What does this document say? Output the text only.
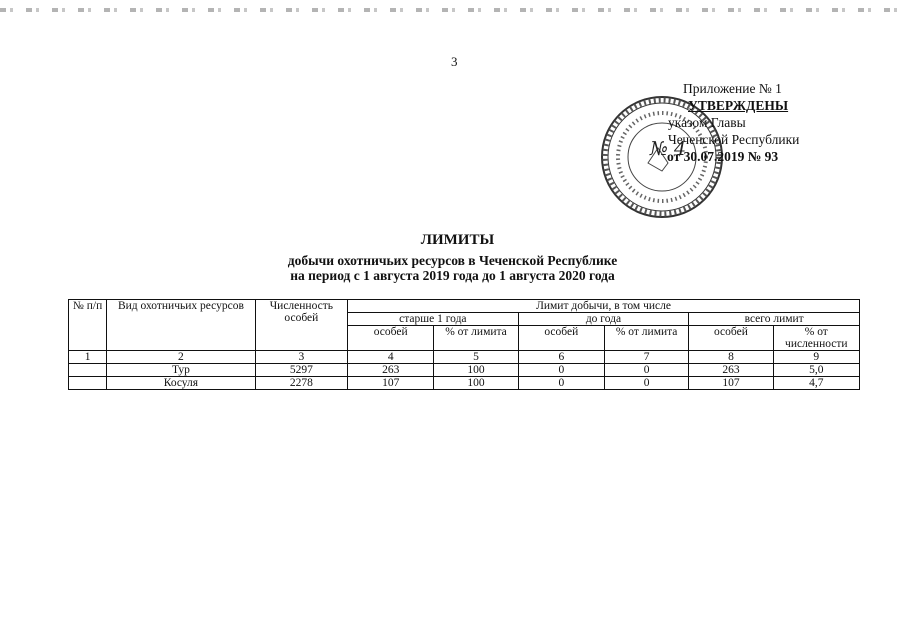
3
Приложение № 1
УТВЕРЖДЕНЫ
указом Главы
Чеченской Республики
от 30.07.2019 № 93
№ 4
ЛИМИТЫ
добычи охотничьих ресурсов в Чеченской Республике
на период с 1 августа 2019 года до 1 августа 2020 года
№ п/п	Вид охотничьих ресурсов	Численность особей	Лимит добычи, в том числе					
			старше 1 года		до года		всего лимит	
			особей	% от лимита	особей	% от лимита	особей	% от численности
1	2	3	4	5	6	7	8	9
	Тур	5297	263	100	0	0	263	5,0
	Косуля	2278	107	100	0	0	107	4,7
